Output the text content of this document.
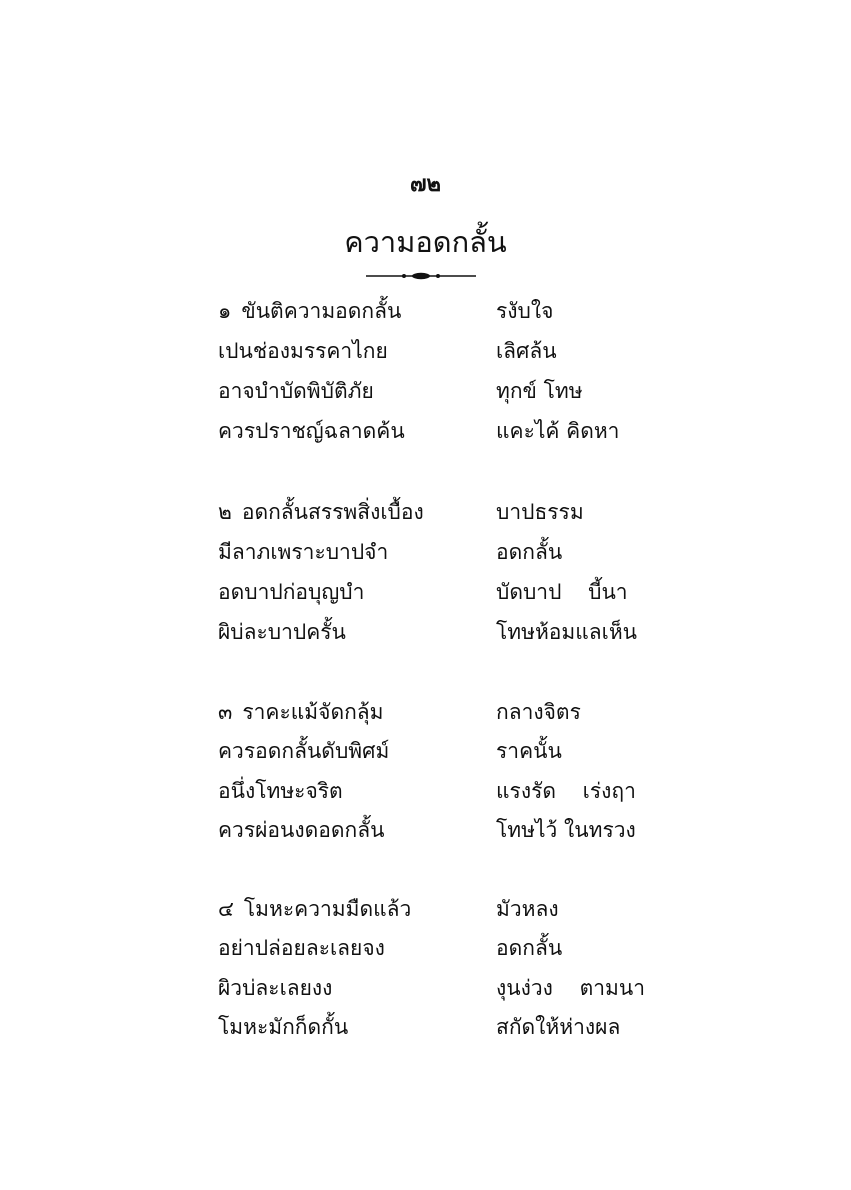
๗๒
ความอดกลั้น
๑ ขันติความอดกลั้น	รงับใจ
เปนช่องมรรคาไกย	เลิศล้น
อาจบำบัดพิบัติภัย	ทุกข์ โทษ
ควรปราชญ์ฉลาดค้น	แคะไค้ คิดหา
๒ อดกลั้นสรรพสิ่งเบื้อง	บาปธรรม
มีลาภเพราะบาปจำ	อดกลั้น
อดบาปก่อบุญบำ	บัดบาป    บี้นา
ผิบ่ละบาปครั้น	โทษห้อมแลเห็น
๓ ราคะแม้จัดกลุ้ม	กลางจิตร
ควรอดกลั้นดับพิศม์	ราคนั้น
อนึ่งโทษะจริต	แรงรัด    เร่งฤา
ควรผ่อนงดอดกลั้น	โทษไว้ ในทรวง
๔ โมหะความมืดแล้ว	มัวหลง
อย่าปล่อยละเลยจง	อดกลั้น
ผิวบ่ละเลยงง	งุนง่วง    ตามนา
โมหะมักก็ดกั้น	สกัดให้ห่างผล
